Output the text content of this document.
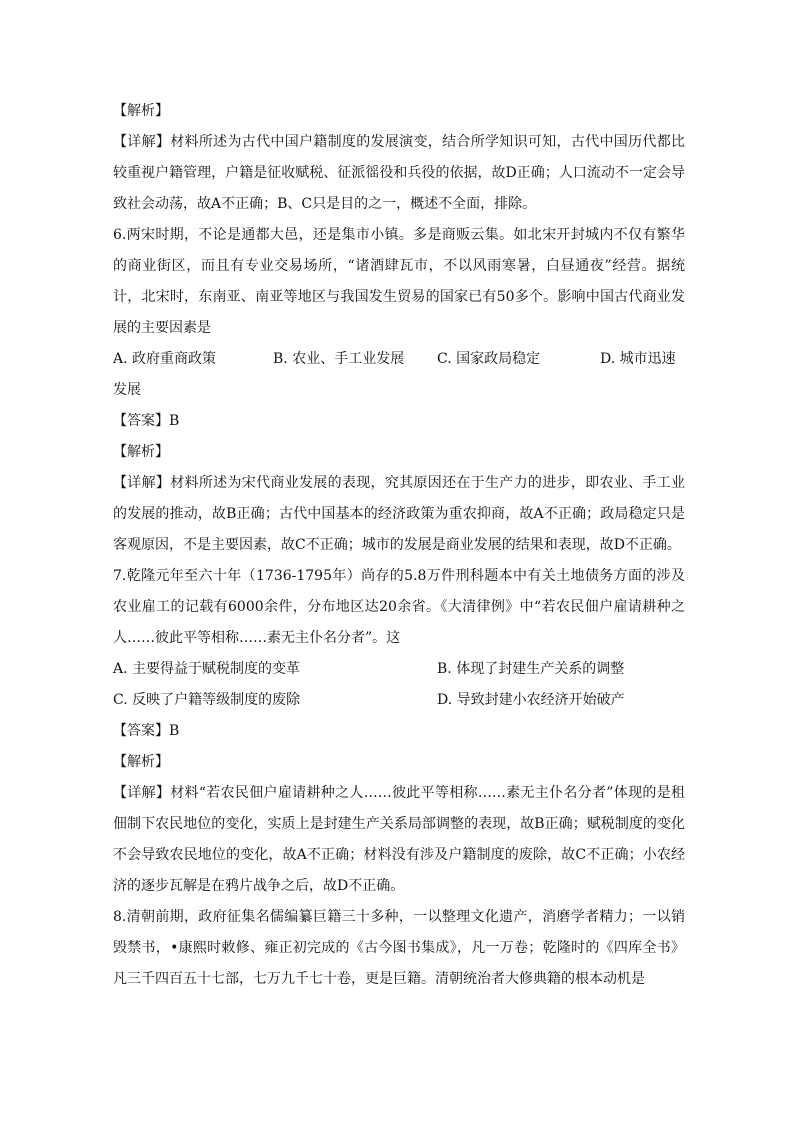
【解析】
【详解】材料所述为古代中国户籍制度的发展演变，结合所学知识可知，古代中国历代都比较重视户籍管理，户籍是征收赋税、征派徭役和兵役的依据，故D正确；人口流动不一定会导致社会动荡，故A不正确；B、C只是目的之一，概述不全面，排除。
6.两宋时期，不论是通都大邑，还是集市小镇。多是商贩云集。如北宋开封城内不仅有繁华的商业街区，而且有专业交易场所，“诸酒肆瓦市，不以风雨寒暑，白昼通夜”经营。据统计，北宋时，东南亚、南亚等地区与我国发生贸易的国家已有50多个。影响中国古代商业发展的主要因素是
A. 政府重商政策	B. 农业、手工业发展 C. 国家政局稳定	D. 城市迅速
发展
【答案】B
【解析】
【详解】材料所述为宋代商业发展的表现，究其原因还在于生产力的进步，即农业、手工业的发展的推动，故B正确；古代中国基本的经济政策为重农抑商，故A不正确；政局稳定只是客观原因，不是主要因素，故C不正确；城市的发展是商业发展的结果和表现，故D不正确。
7.乾隆元年至六十年（1736-1795年）尚存的5.8万件刑科题本中有关土地债务方面的涉及农业雇工的记载有6000余件，分布地区达20余省。《大清律例》中“若农民佃户雇请耕种之人……彼此平等相称……素无主仆名分者”。这
A. 主要得益于赋税制度的变革	B. 体现了封建生产关系的调整
C. 反映了户籍等级制度的废除	D. 导致封建小农经济开始破产
【答案】B
【解析】
【详解】材料“若农民佃户雇请耕种之人……彼此平等相称……素无主仆名分者”体现的是租佃制下农民地位的变化，实质上是封建生产关系局部调整的表现，故B正确；赋税制度的变化不会导致农民地位的变化，故A不正确；材料没有涉及户籍制度的废除，故C不正确；小农经济的逐步瓦解是在鸦片战争之后，故D不正确。
8.清朝前期，政府征集名儒编纂巨籍三十多种，一以整理文化遗产，消磨学者精力；一以销毁禁书，•康熙时敕修、雍正初完成的《古今图书集成》，凡一万卷；乾隆时的《四库全书》凡三千四百五十七部，七万九千七十卷，更是巨籍。清朝统治者大修典籍的根本动机是
